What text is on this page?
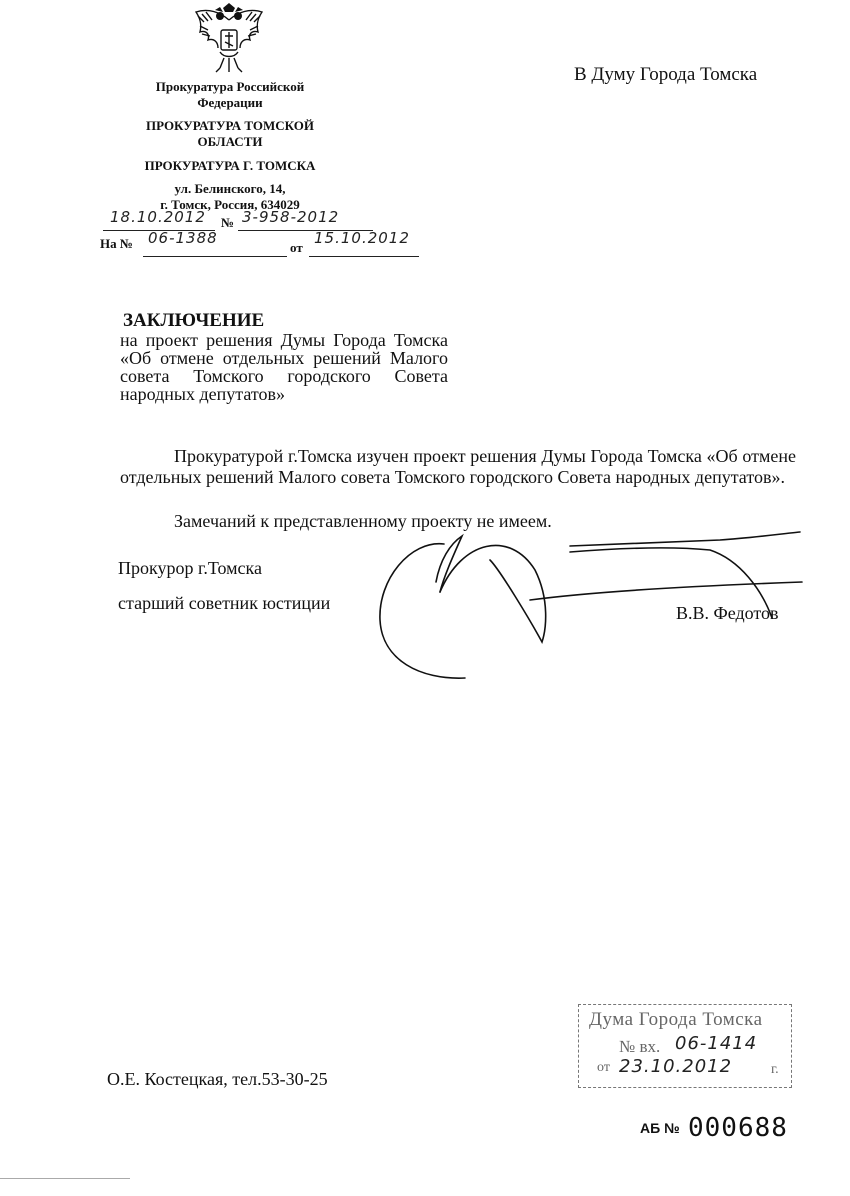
Прокуратура Российской Федерации
ПРОКУРАТУРА ТОМСКОЙ ОБЛАСТИ
ПРОКУРАТУРА Г. ТОМСКА
ул. Белинского, 14,
г. Томск, Россия, 634029
18.10.2012 № 3-958-2012
На № 06-1388
от
15.10.2012
В Думу Города Томска
ЗАКЛЮЧЕНИЕ
на проект решения Думы Города Томска «Об отмене отдельных решений Малого совета Томского городского Совета народных депутатов»
Прокуратурой г.Томска изучен проект решения Думы Города Томска «Об отмене отдельных решений Малого совета Томского городского Совета народных депутатов».
Замечаний к представленному проекту не имеем.
Прокурор г.Томска
старший советник юстиции	В.В. Федотов
О.Е. Костецкая, тел.53-30-25
Дума Города Томска
№ вх. 06-1414
от 23.10.2012	г.
АБ № 000688
